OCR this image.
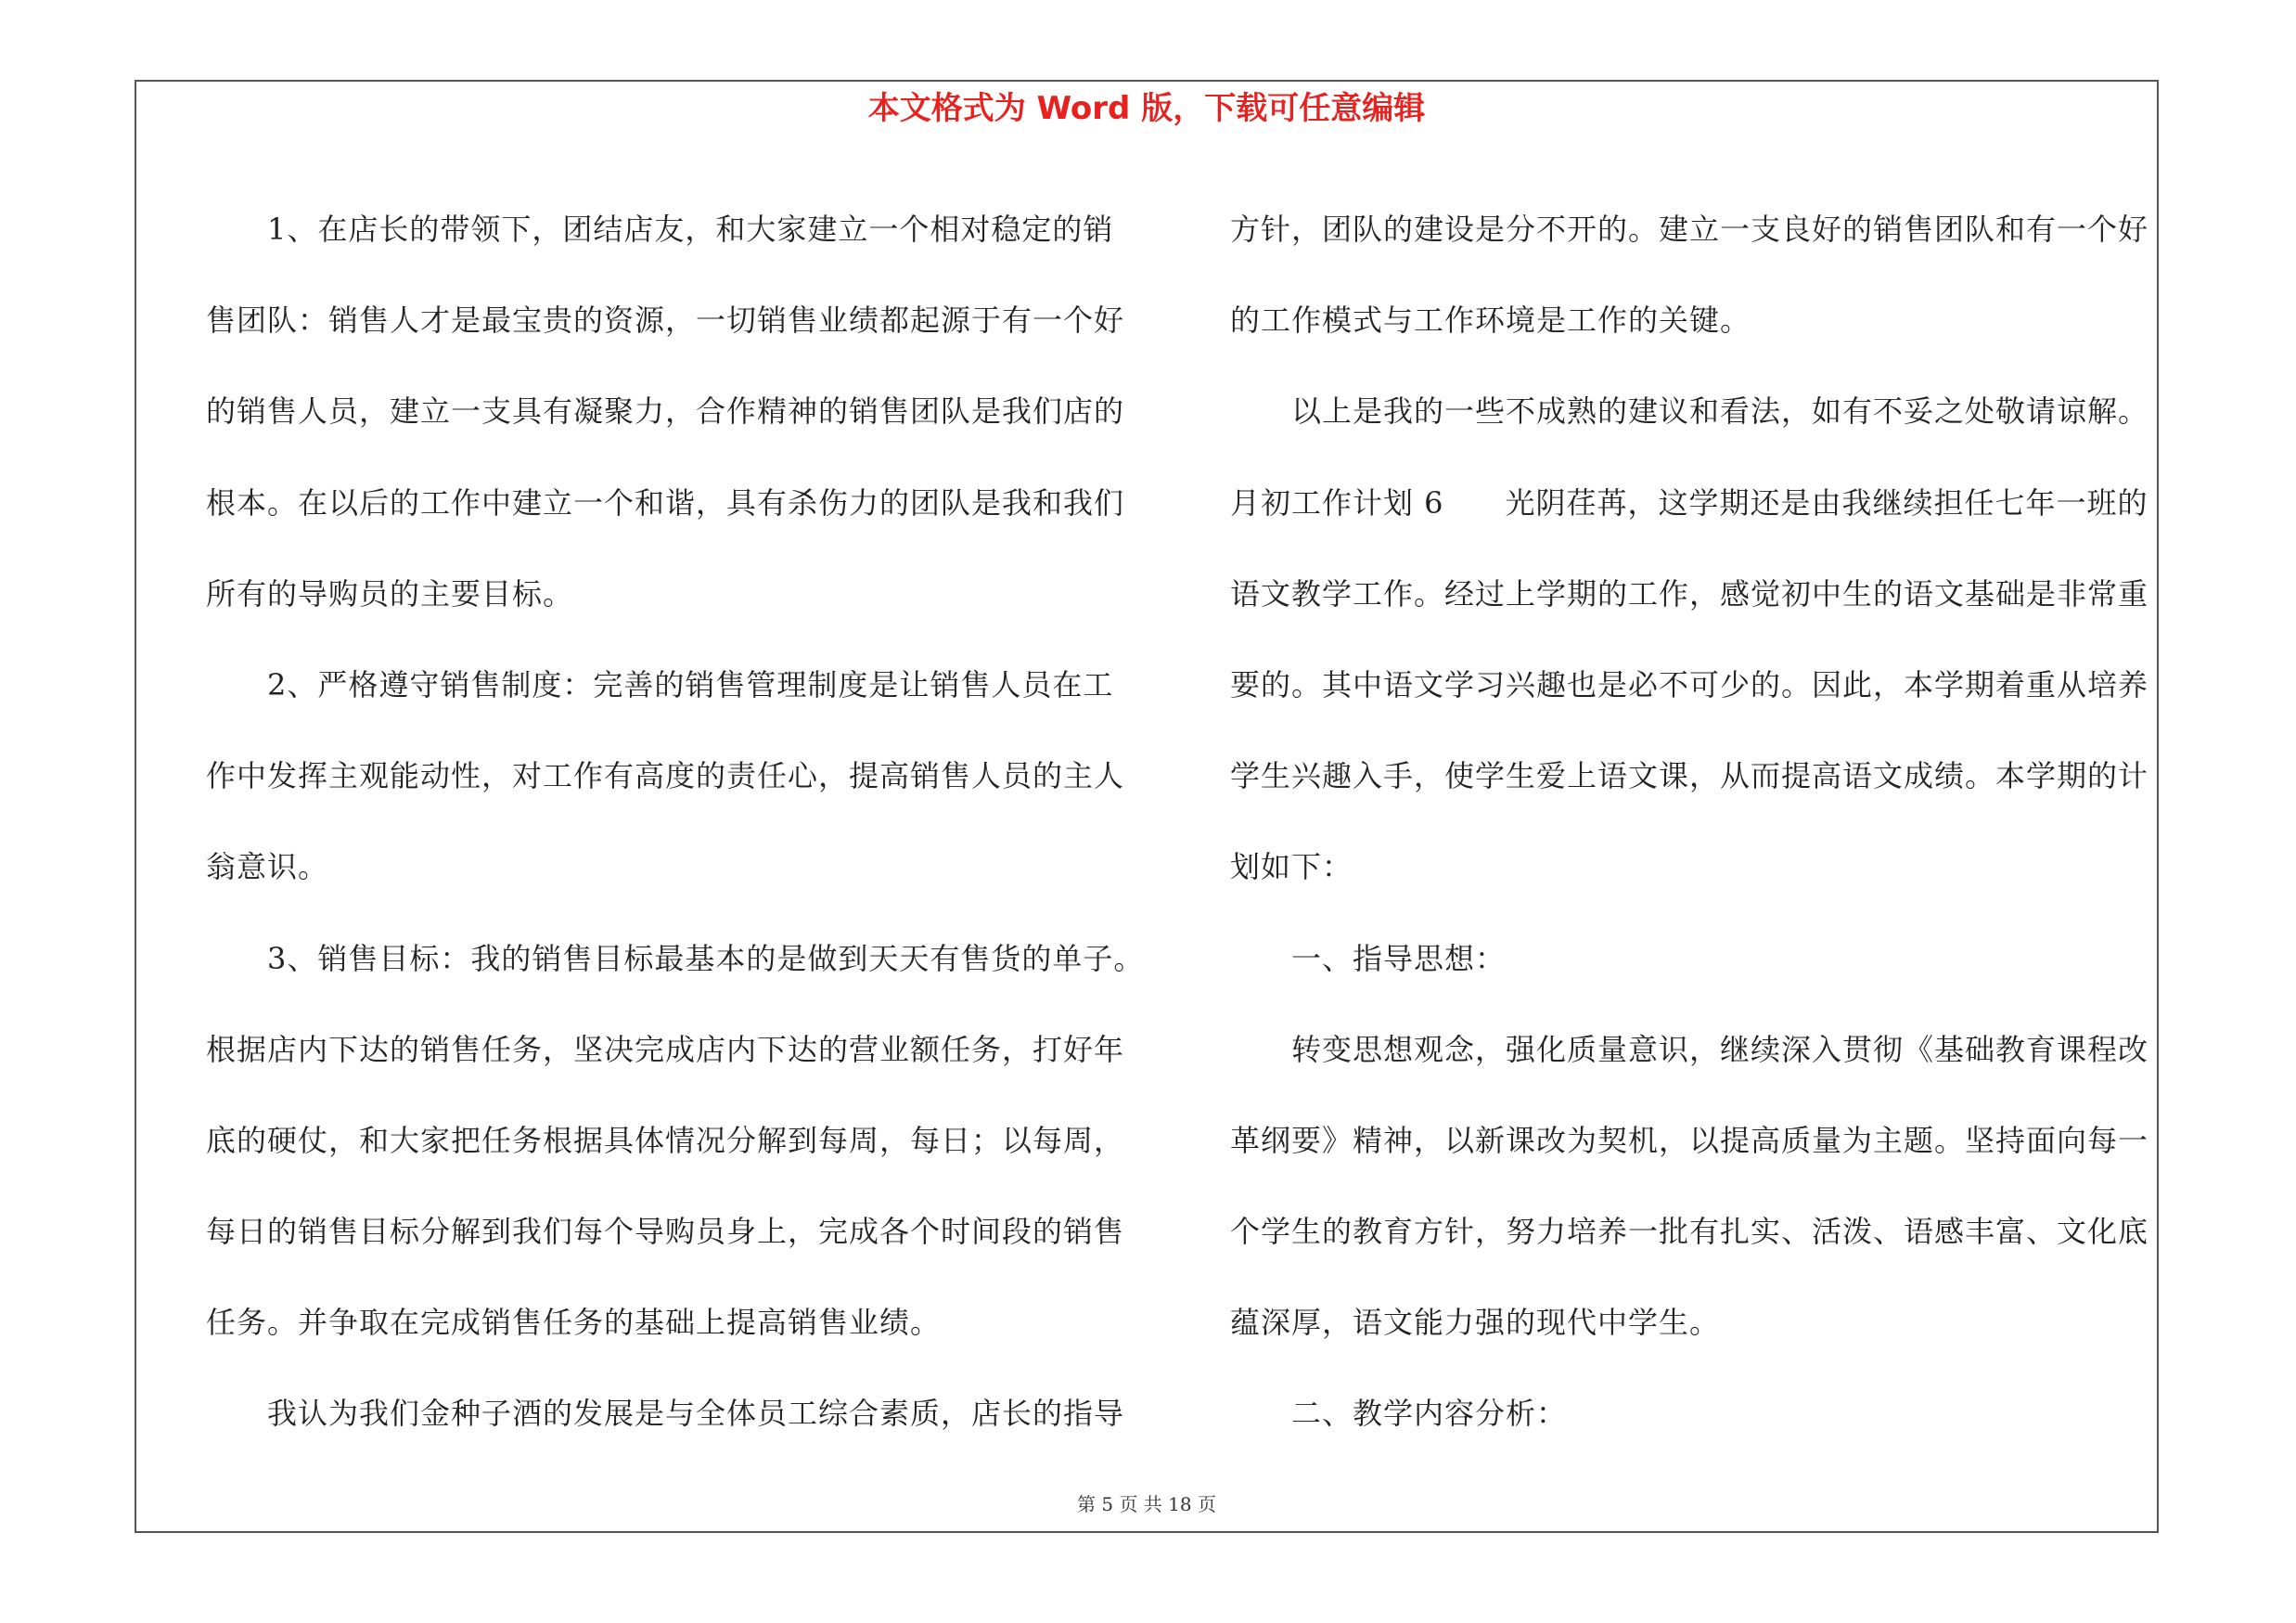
本文格式为 Word 版，下载可任意编辑
1、在店长的带领下，团结店友，和大家建立一个相对稳定的销
售团队：销售人才是最宝贵的资源，一切销售业绩都起源于有一个好
的销售人员，建立一支具有凝聚力，合作精神的销售团队是我们店的
根本。在以后的工作中建立一个和谐，具有杀伤力的团队是我和我们
所有的导购员的主要目标。
2、严格遵守销售制度：完善的销售管理制度是让销售人员在工
作中发挥主观能动性，对工作有高度的责任心，提高销售人员的主人
翁意识。
3、销售目标：我的销售目标最基本的是做到天天有售货的单子。
根据店内下达的销售任务，坚决完成店内下达的营业额任务，打好年
底的硬仗，和大家把任务根据具体情况分解到每周，每日；以每周，
每日的销售目标分解到我们每个导购员身上，完成各个时间段的销售
任务。并争取在完成销售任务的基础上提高销售业绩。
我认为我们金种子酒的发展是与全体员工综合素质，店长的指导
方针，团队的建设是分不开的。建立一支良好的销售团队和有一个好
的工作模式与工作环境是工作的关键。
以上是我的一些不成熟的建议和看法，如有不妥之处敬请谅解。
月初工作计划 6　　光阴荏苒，这学期还是由我继续担任七年一班的
语文教学工作。经过上学期的工作，感觉初中生的语文基础是非常重
要的。其中语文学习兴趣也是必不可少的。因此，本学期着重从培养
学生兴趣入手，使学生爱上语文课，从而提高语文成绩。本学期的计
划如下：
一、指导思想：
转变思想观念，强化质量意识，继续深入贯彻《基础教育课程改
革纲要》精神，以新课改为契机，以提高质量为主题。坚持面向每一
个学生的教育方针，努力培养一批有扎实、活泼、语感丰富、文化底
蕴深厚，语文能力强的现代中学生。
二、教学内容分析：
第 5 页 共 18 页
